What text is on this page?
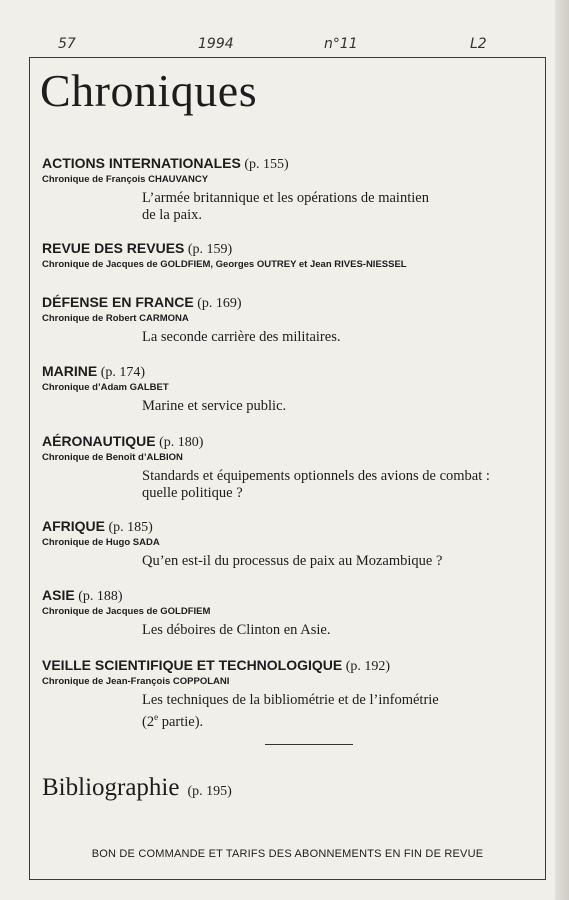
57	1994	n°11	L2
Chroniques
ACTIONS INTERNATIONALES (p. 155)
Chronique de François CHAUVANCY
L’armée britannique et les opérations de maintien
de la paix.
REVUE DES REVUES (p. 159)
Chronique de Jacques de GOLDFIEM, Georges OUTREY et Jean RIVES-NIESSEL
DÉFENSE EN FRANCE (p. 169)
Chronique de Robert CARMONA
La seconde carrière des militaires.
MARINE (p. 174)
Chronique d’Adam GALBET
Marine et service public.
AÉRONAUTIQUE (p. 180)
Chronique de Benoît d’ALBION
Standards et équipements optionnels des avions de combat :
quelle politique ?
AFRIQUE (p. 185)
Chronique de Hugo SADA
Qu’en est-il du processus de paix au Mozambique ?
ASIE (p. 188)
Chronique de Jacques de GOLDFIEM
Les déboires de Clinton en Asie.
VEILLE SCIENTIFIQUE ET TECHNOLOGIQUE (p. 192)
Chronique de Jean-François COPPOLANI
Les techniques de la bibliométrie et de l’infométrie
(2e partie).
Bibliographie (p. 195)
BON DE COMMANDE ET TARIFS DES ABONNEMENTS EN FIN DE REVUE
